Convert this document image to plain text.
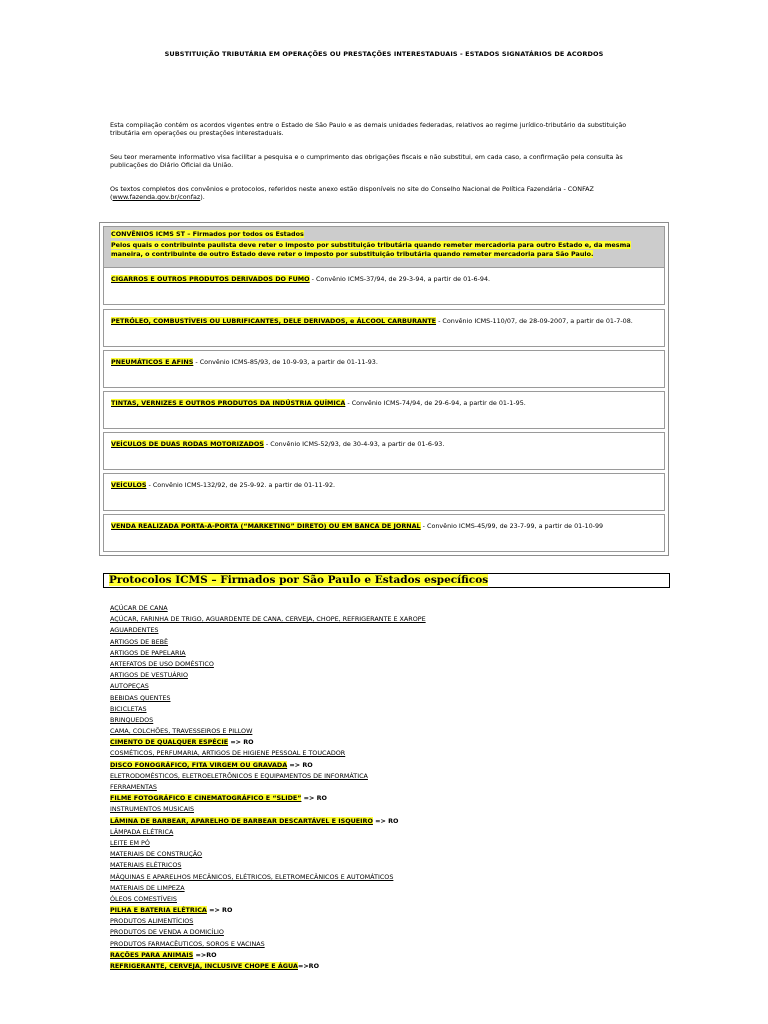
SUBSTITUIÇÃO TRIBUTÁRIA EM OPERAÇÕES OU PRESTAÇÕES INTERESTADUAIS - ESTADOS SIGNATÁRIOS DE ACORDOS

Esta compilação contém os acordos vigentes entre o Estado de São Paulo e as demais unidades federadas, relativos ao regime jurídico-tributário da substituição tributária em operações ou prestações interestaduais.

Seu teor meramente informativo visa facilitar a pesquisa e o cumprimento das obrigações fiscais e não substitui, em cada caso, a confirmação pela consulta às publicações do Diário Oficial da União.

Os textos completos dos convênios e protocolos, referidos neste anexo estão disponíveis no site do Conselho Nacional de Política Fazendária - CONFAZ (www.fazenda.gov.br/confaz).

CONVÊNIOS ICMS ST – Firmados por todos os Estados

Pelos quais o contribuinte paulista deve reter o imposto por substituição tributária quando remeter mercadoria para outro Estado e, da mesma maneira, o contribuinte de outro Estado deve reter o imposto por substituição tributária quando remeter mercadoria para São Paulo.

CIGARROS E OUTROS PRODUTOS DERIVADOS DO FUMO - Convênio ICMS-37/94, de 29-3-94, a partir de 01-6-94.
PETRÓLEO, COMBUSTÍVEIS OU LUBRIFICANTES, DELE DERIVADOS, e ÁLCOOL CARBURANTE - Convênio ICMS-110/07, de 28-09-2007, a partir de 01-7-08.
PNEUMÁTICOS E AFINS - Convênio ICMS-85/93, de 10-9-93, a partir de 01-11-93.
TINTAS, VERNIZES E OUTROS PRODUTOS DA INDÚSTRIA QUÍMICA - Convênio ICMS-74/94, de 29-6-94, a partir de 01-1-95.
VEÍCULOS DE DUAS RODAS MOTORIZADOS - Convênio ICMS-52/93, de 30-4-93, a partir de 01-6-93.
VEÍCULOS - Convênio ICMS-132/92, de 25-9-92. a partir de 01-11-92.
VENDA REALIZADA PORTA-A-PORTA (“MARKETING” DIRETO) OU EM BANCA DE JORNAL - Convênio ICMS-45/99, de 23-7-99, a partir de 01-10-99
Protocolos ICMS – Firmados por São Paulo e Estados específicos
AÇÚCAR DE CANA
AÇÚCAR, FARINHA DE TRIGO, AGUARDENTE DE CANA, CERVEJA, CHOPE, REFRIGERANTE E XAROPE
AGUARDENTES
ARTIGOS DE BEBÊ
ARTIGOS DE PAPELARIA
ARTEFATOS DE USO DOMÉSTICO
ARTIGOS DE VESTUÁRIO
AUTOPEÇAS
BEBIDAS QUENTES
BICICLETAS
BRINQUEDOS
CAMA, COLCHÕES, TRAVESSEIROS E PILLOW
CIMENTO DE QUALQUER ESPÉCIE => RO
COSMÉTICOS, PERFUMARIA, ARTIGOS DE HIGIENE PESSOAL E TOUCADOR
DISCO FONOGRÁFICO, FITA VIRGEM OU GRAVADA => RO
ELETRODOMÉSTICOS, ELETROELETRÔNICOS E EQUIPAMENTOS DE INFORMÁTICA
FERRAMENTAS
FILME FOTOGRÁFICO E CINEMATOGRÁFICO E “SLIDE” => RO
INSTRUMENTOS MUSICAIS
LÂMINA DE BARBEAR, APARELHO DE BARBEAR DESCARTÁVEL E ISQUEIRO => RO
LÂMPADA ELÉTRICA
LEITE EM PÓ
MATERIAIS DE CONSTRUÇÃO
MATERIAIS ELÉTRICOS
MÁQUINAS E APARELHOS MECÂNICOS, ELÉTRICOS, ELETROMECÂNICOS E AUTOMÁTICOS
MATERIAIS DE LIMPEZA
ÓLEOS COMESTÍVEIS
PILHA E BATERIA ELÉTRICA => RO
PRODUTOS ALIMENTÍCIOS
PRODUTOS DE VENDA A DOMICÍLIO
PRODUTOS FARMACÊUTICOS, SOROS E VACINAS
RAÇÕES PARA ANIMAIS =>RO
REFRIGERANTE, CERVEJA, INCLUSIVE CHOPE E ÁGUA=>RO
